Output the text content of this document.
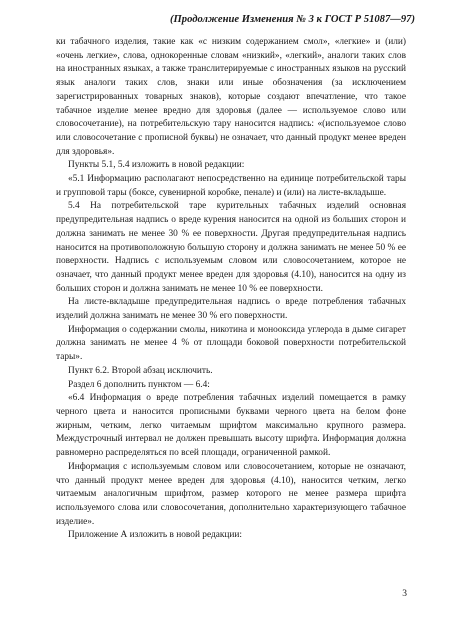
(Продолжение Изменения № 3 к ГОСТ Р 51087—97)

ки табачного изделия, такие как «с низким содержанием смол», «легкие» и (или) «очень легкие», слова, однокоренные словам «низкий», «легкий», аналоги таких слов на иностранных языках, а также транслитерируемые с иностранных языков на русский язык аналоги таких слов, знаки или иные обозначения (за исключением зарегистрированных товарных знаков), которые создают впечатление, что такое табачное изделие менее вредно для здоровья (далее — используемое слово или словосочетание), на потребительскую тару наносится надпись: «(используемое слово или словосочетание с прописной буквы) не означает, что данный продукт менее вреден для здоровья».

Пункты 5.1, 5.4 изложить в новой редакции:

«5.1 Информацию располагают непосредственно на единице потребительской тары и групповой тары (боксе, сувенирной коробке, пенале) и (или) на листе-вкладыше.

5.4 На потребительской таре курительных табачных изделий основная предупредительная надпись о вреде курения наносится на одной из больших сторон и должна занимать не менее 30 % ее поверхности. Другая предупредительная надпись наносится на противоположную большую сторону и должна занимать не менее 50 % ее поверхности. Надпись с используемым словом или словосочетанием, которое не означает, что данный продукт менее вреден для здоровья (4.10), наносится на одну из больших сторон и должна занимать не менее 10 % ее поверхности.

На листе-вкладыше предупредительная надпись о вреде потребления табачных изделий должна занимать не менее 30 % его поверхности.

Информация о содержании смолы, никотина и монооксида углерода в дыме сигарет должна занимать не менее 4 % от площади боковой поверхности потребительской тары».

Пункт 6.2. Второй абзац исключить.

Раздел 6 дополнить пунктом — 6.4:

«6.4 Информация о вреде потребления табачных изделий помещается в рамку черного цвета и наносится прописными буквами черного цвета на белом фоне жирным, четким, легко читаемым шрифтом максимально крупного размера. Междустрочный интервал не должен превышать высоту шрифта. Информация должна равномерно распределяться по всей площади, ограниченной рамкой.

Информация с используемым словом или словосочетанием, которые не означают, что данный продукт менее вреден для здоровья (4.10), наносится четким, легко читаемым аналогичным шрифтом, размер которого не менее размера шрифта используемого слова или словосочетания, дополнительно характеризующего табачное изделие».

Приложение А изложить в новой редакции:

3
